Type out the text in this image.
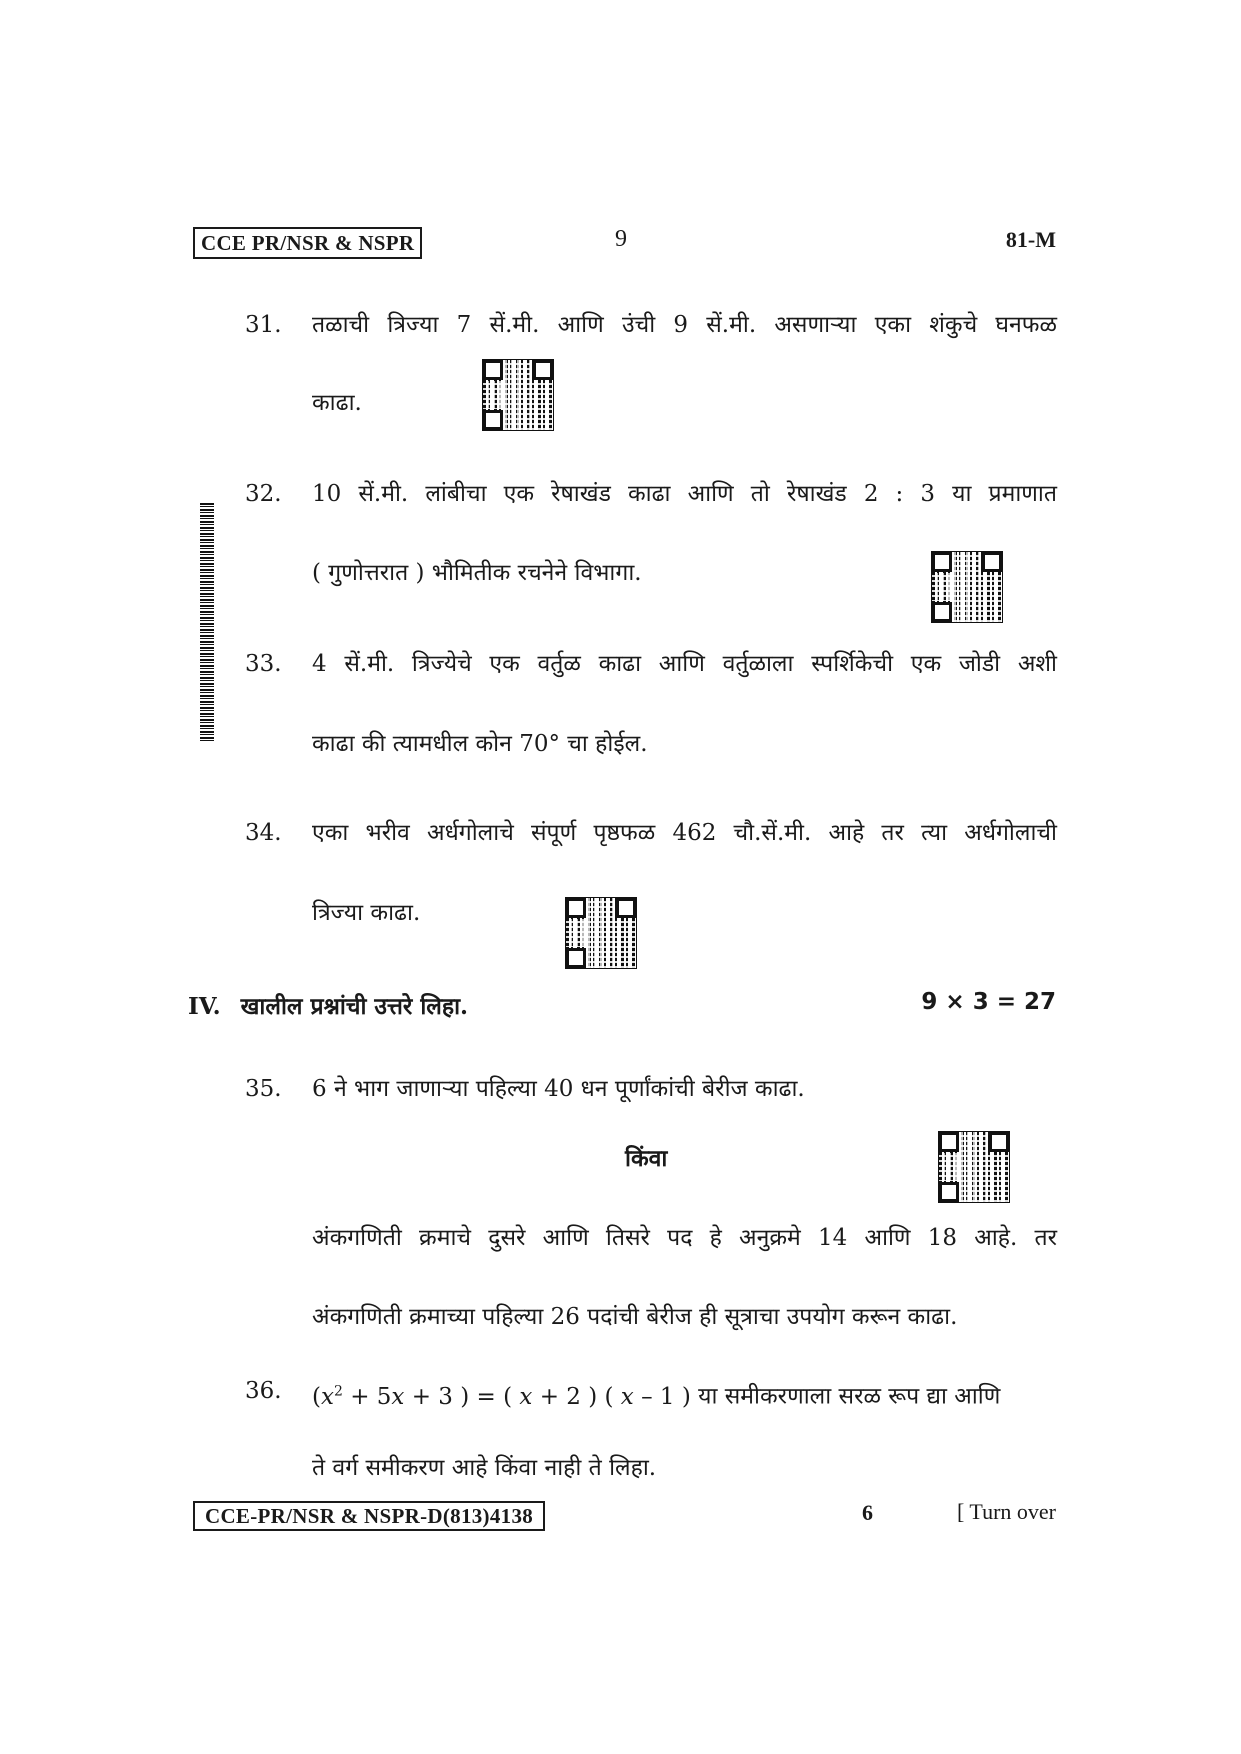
CCE PR/NSR & NSPR	9	81-M
31.	तळाची त्रिज्या 7 सें.मी. आणि उंची 9 सें.मी. असणाऱ्या एका शंकुचे घनफळ
काढा.
32.	10 सें.मी. लांबीचा एक रेषाखंड काढा आणि तो रेषाखंड 2 : 3 या प्रमाणात
( गुणोत्तरात ) भौमितीक रचनेने विभागा.
33.	4 सें.मी. त्रिज्येचे एक वर्तुळ काढा आणि वर्तुळाला स्पर्शिकेची एक जोडी अशी
काढा की त्यामधील कोन 70° चा होईल.
34.	एका भरीव अर्धगोलाचे संपूर्ण पृष्ठफळ 462 चौ.सें.मी. आहे तर त्या अर्धगोलाची
त्रिज्या काढा.
IV. खालील प्रश्नांची उत्तरे लिहा.	9 × 3 = 27
35.	6 ने भाग जाणाऱ्या पहिल्या 40 धन पूर्णांकांची बेरीज काढा.
किंवा
अंकगणिती क्रमाचे दुसरे आणि तिसरे पद हे अनुक्रमे 14 आणि 18 आहे. तर
अंकगणिती क्रमाच्या पहिल्या 26 पदांची बेरीज ही सूत्राचा उपयोग करून काढा.
36.	($x^2 + 5x + 3$ ) = ( x + 2 ) ( x – 1 ) या समीकरणाला सरळ रूप द्या आणि
ते वर्ग समीकरण आहे किंवा नाही ते लिहा.
CCE-PR/NSR & NSPR-D(813)4138	6	[ Turn over
